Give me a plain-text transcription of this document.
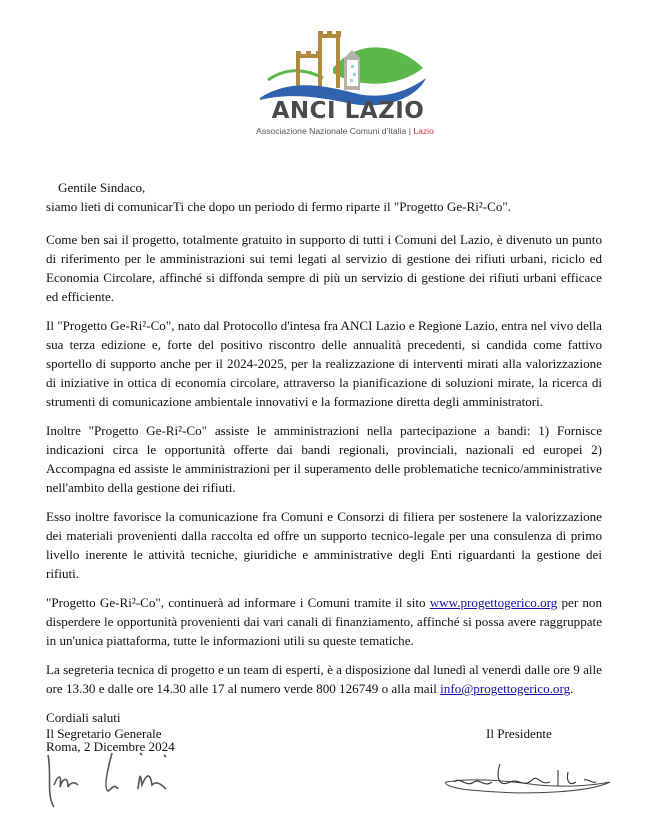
ANCI LAZIO
Associazione Nazionale Comuni d'Italia | Lazio

Gentile Sindaco,

siamo lieti di comunicarTi che dopo un periodo di fermo riparte il "Progetto Ge-Ri²-Co".

Come ben sai il progetto, totalmente gratuito in supporto di tutti i Comuni del Lazio, è divenuto un punto di riferimento per le amministrazioni sui temi legati al servizio di gestione dei rifiuti urbani, riciclo ed Economia Circolare, affinché si diffonda sempre di più un servizio di gestione dei rifiuti urbani efficace ed efficiente.

Il "Progetto Ge-Ri²-Co", nato dal Protocollo d'intesa fra ANCI Lazio e Regione Lazio, entra nel vivo della sua terza edizione e, forte del positivo riscontro delle annualità precedenti, si candida come fattivo sportello di supporto anche per il 2024-2025, per la realizzazione di interventi mirati alla valorizzazione di iniziative in ottica di economia circolare, attraverso la pianificazione di soluzioni mirate, la ricerca di strumenti di comunicazione ambientale innovativi e la formazione diretta degli amministratori.

Inoltre "Progetto Ge-Ri²-Co" assiste le amministrazioni nella partecipazione a bandi: 1) Fornisce indicazioni circa le opportunità offerte dai bandi regionali, provinciali, nazionali ed europei 2) Accompagna ed assiste le amministrazioni per il superamento delle problematiche tecnico/amministrative nell'ambito della gestione dei rifiuti.

Esso inoltre favorisce la comunicazione fra Comuni e Consorzi di filiera per sostenere la valorizzazione dei materiali provenienti dalla raccolta ed offre un supporto tecnico-legale per una consulenza di primo livello inerente le attività tecniche, giuridiche e amministrative degli Enti riguardanti la gestione dei rifiuti.

"Progetto Ge-Ri²-Co", continuerà ad informare i Comuni tramite il sito www.progettogerico.org per non disperdere le opportunità provenienti dai vari canali di finanziamento, affinché si possa avere raggruppate in un'unica piattaforma, tutte le informazioni utili su queste tematiche.

La segreteria tecnica di progetto e un team di esperti, è a disposizione dal lunedì al venerdì dalle ore 9 alle ore 13.30 e dalle ore 14.30 alle 17 al numero verde 800 126749 o alla mail info@progettogerico.org.

Cordiali saluti

Roma, 2 Dicembre 2024

Il Segretario Generale	Il Presidente
